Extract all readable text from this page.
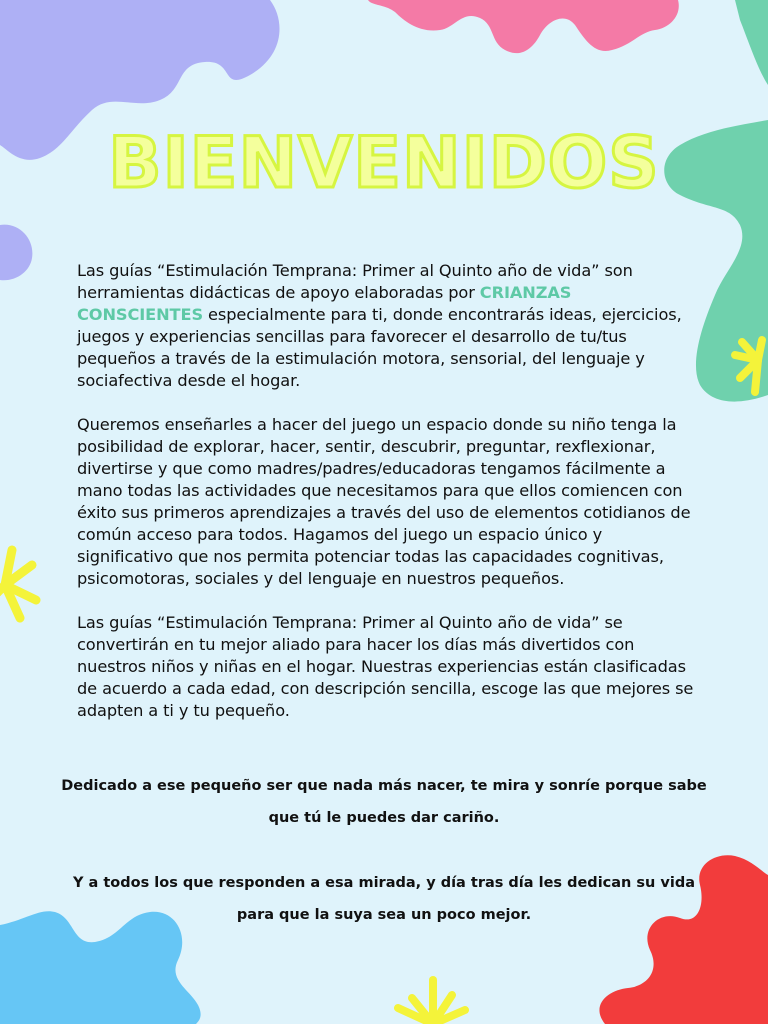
BIENVENIDOS

Las guías “Estimulación Temprana: Primer al Quinto año de vida” son herramientas didácticas de apoyo elaboradas por CRIANZAS CONSCIENTES especialmente para ti, donde encontrarás ideas, ejercicios, juegos y experiencias sencillas para favorecer el desarrollo de tu/tus pequeños a través de la estimulación motora, sensorial, del lenguaje y sociafectiva desde el hogar.

Queremos enseñarles a hacer del juego un espacio donde su niño tenga la posibilidad de explorar, hacer, sentir, descubrir, preguntar, rexflexionar, divertirse y que como madres/padres/educadoras tengamos fácilmente a mano todas las actividades que necesitamos para que ellos comiencen con éxito sus primeros aprendizajes a través del uso de elementos cotidianos de común acceso para todos. Hagamos del juego un espacio único y significativo que nos permita potenciar todas las capacidades cognitivas, psicomotoras, sociales y del lenguaje en nuestros pequeños.

Las guías “Estimulación Temprana: Primer al Quinto año de vida” se convertirán en tu mejor aliado para hacer los días más divertidos con nuestros niños y niñas en el hogar. Nuestras experiencias están clasificadas de acuerdo a cada edad, con descripción sencilla, escoge las que mejores se adapten a ti y tu pequeño.

Dedicado a ese pequeño ser que nada más nacer, te mira y sonríe porque sabe que tú le puedes dar cariño.
Y a todos los que responden a esa mirada, y día tras día les dedican su vida para que la suya sea un poco mejor.
